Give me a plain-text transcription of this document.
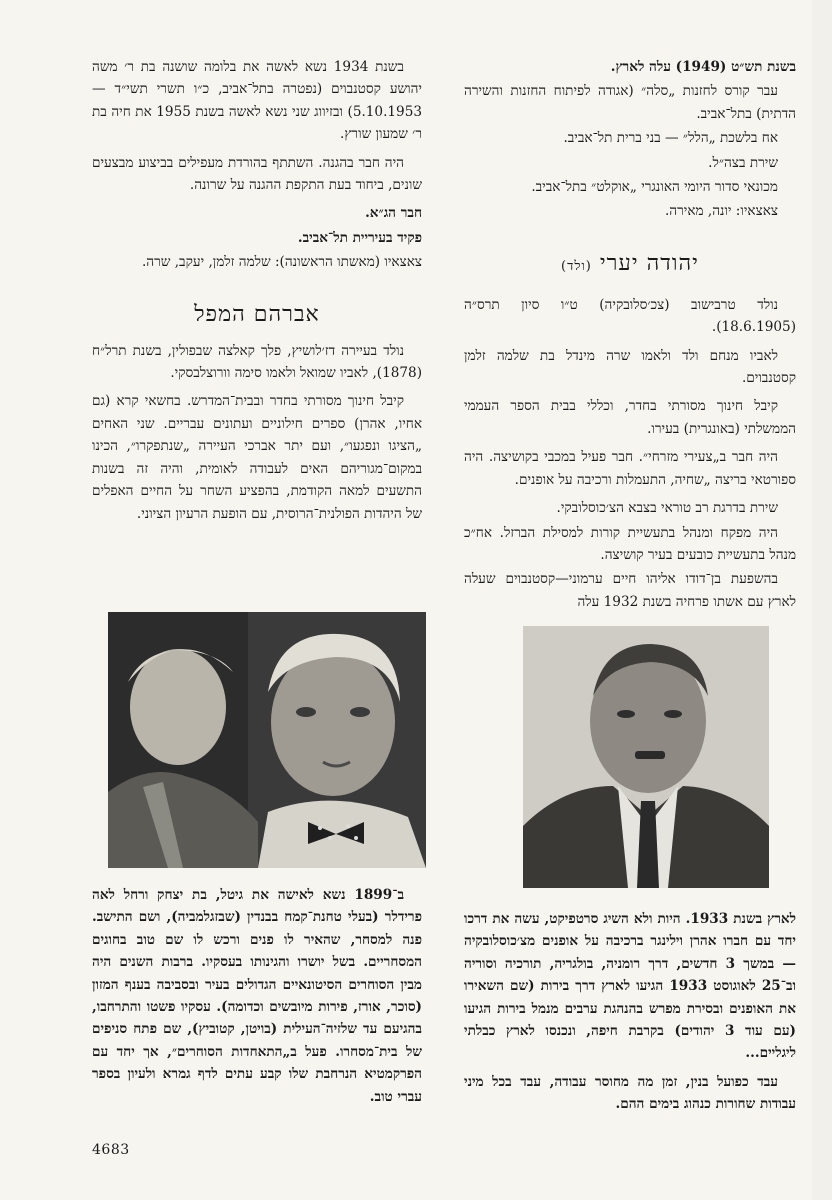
בשנת תש״ט (1949) עלה לארץ.

עבר קורס לחזנות „סלה״ (אגודה לפיתוח החזנות והשירה הדתית) בתל־אביב.

אח בלשכת „הלל״ — בני ברית תל־אביב.

שירת בצה״ל.

מכונאי סדור היומי האונגרי „אוקלט״ בתל־אביב.

צאצאיו: יונה, מאירה.

יהודה יערי (ולד)

נולד טרבישוב (צכ׳סלובקיה) ט״ו סיון תרס״ה (18.6.1905).

לאביו מנחם ולד ולאמו שרה מינדל בת שלמה זלמן קסטנבוים.

קיבל חינוך מסורתי בחדר, וכללי בבית הספר העממי הממשלתי (באונגרית) בעירו.

היה חבר ב„צעירי מזרחי״. חבר פעיל במכבי בקושיצה. היה ספורטאי בריצה „שחיה, התעמלות ורכיבה על אופנים.

שירת בדרגת רב טוראי בצבא הצ׳כוסלובקי.

היה מפקח ומנהל בתעשיית קורות למסילת הברזל. אח״כ מנהל בתעשיית כובעים בעיר קושיצה.

בהשפעת בן־דודו אליהו חיים ערמוני—קסטנבוים שעלה לארץ עם אשתו פרחיה בשנת 1932 עלה

בשנת 1934 נשא לאשה את בלומה שושנה בת ר׳ משה יהושע קסטנבוים (נפטרה בתל־אביב, כ״ו תשרי תשי״ד — 5.10.1953) ובזיווג שני נשא לאשה בשנת 1955 את חיה בת ר׳ שמעון שורץ.

היה חבר בהגנה. השתתף בהורדת מעפילים בביצוע מבצעים שונים, ביחוד בעת התקפת ההגנה על שרונה.

חבר הג״א.

פקיד בעיריית תל־אביב.

צאצאיו (מאשתו הראשונה): שלמה זלמן, יעקב, שרה.

אברהם המפל

נולד בעיירה דז׳לושיץ, פלך קאלצה שבפולין, בשנת תרל״ח (1878), לאביו שמואל ולאמו סימה וורוצלבסקי.

קיבל חינוך מסורתי בחדר ובבית־המדרש. בחשאי קרא (גם אחיו, אהרן) ספרים חילוניים ועתונים עבריים. שני האחים „הציגו ונפגעו״, ועם יתר אברכי העיירה „שנתפקרו״, הכינו במקום־מגוריהם האים לעבודה לאומית, והיה זה בשנות התשעים למאה הקודמת, בהפציע השחר על החיים האפלים של היהדות הפולנית־הרוסית, עם הופעת הרעיון הציוני.

לארץ בשנת 1933. היות ולא השיג סרטפיקט, עשה את דרכו יחד עם חברו אהרן וילינגר ברכיבה על אופנים מצ׳כוסלובקיה — במשך 3 חדשים, דרך רומניה, בולגריה, תורכיה וסוריה וב־25 לאוגוסט 1933 הגיעו לארץ דרך בירות (שם השאירו את האופנים ובסירת מפרש בהנהגת ערבים מנמל בירות הגיעו (עם עוד 3 יהודים) בקרבת חיפה, ונכנסו לארץ כבלתי ליגליים...

עבד כפועל בנין, זמן מה מחוסר עבודה, עבד בכל מיני עבודות שחורות כנהוג בימים ההם.

ב־1899 נשא לאישה את גיטל, בת יצחק ורחל לאה פרידלר (בעלי טחנת־קמח בבנדין (שבזגלמביה), ושם התישב. פנה למסחר, שהאיר לו פנים ורכש לו שם טוב בחוגים המסחריים. בשל יושרו והגינותו בעסקיו. ברבות השנים היה מבין הסוחרים הסיטונאיים הגדולים בעיר ובסביבה בענף המזון (סוכר, אורז, פירות מיובשים וכדומה). עסקיו פשטו והתרחבו, בהגיעם עד שלזיה־העילית (בויטן, קטוביץ), שם פתח סניפים של בית־מסחרו. פעל ב„התאחדות הסוחרים״, אך יחד עם הפרקמטיא הנרחבת שלו קבע עתים לדף גמרא ולעיון בספר עברי טוב.

4683
